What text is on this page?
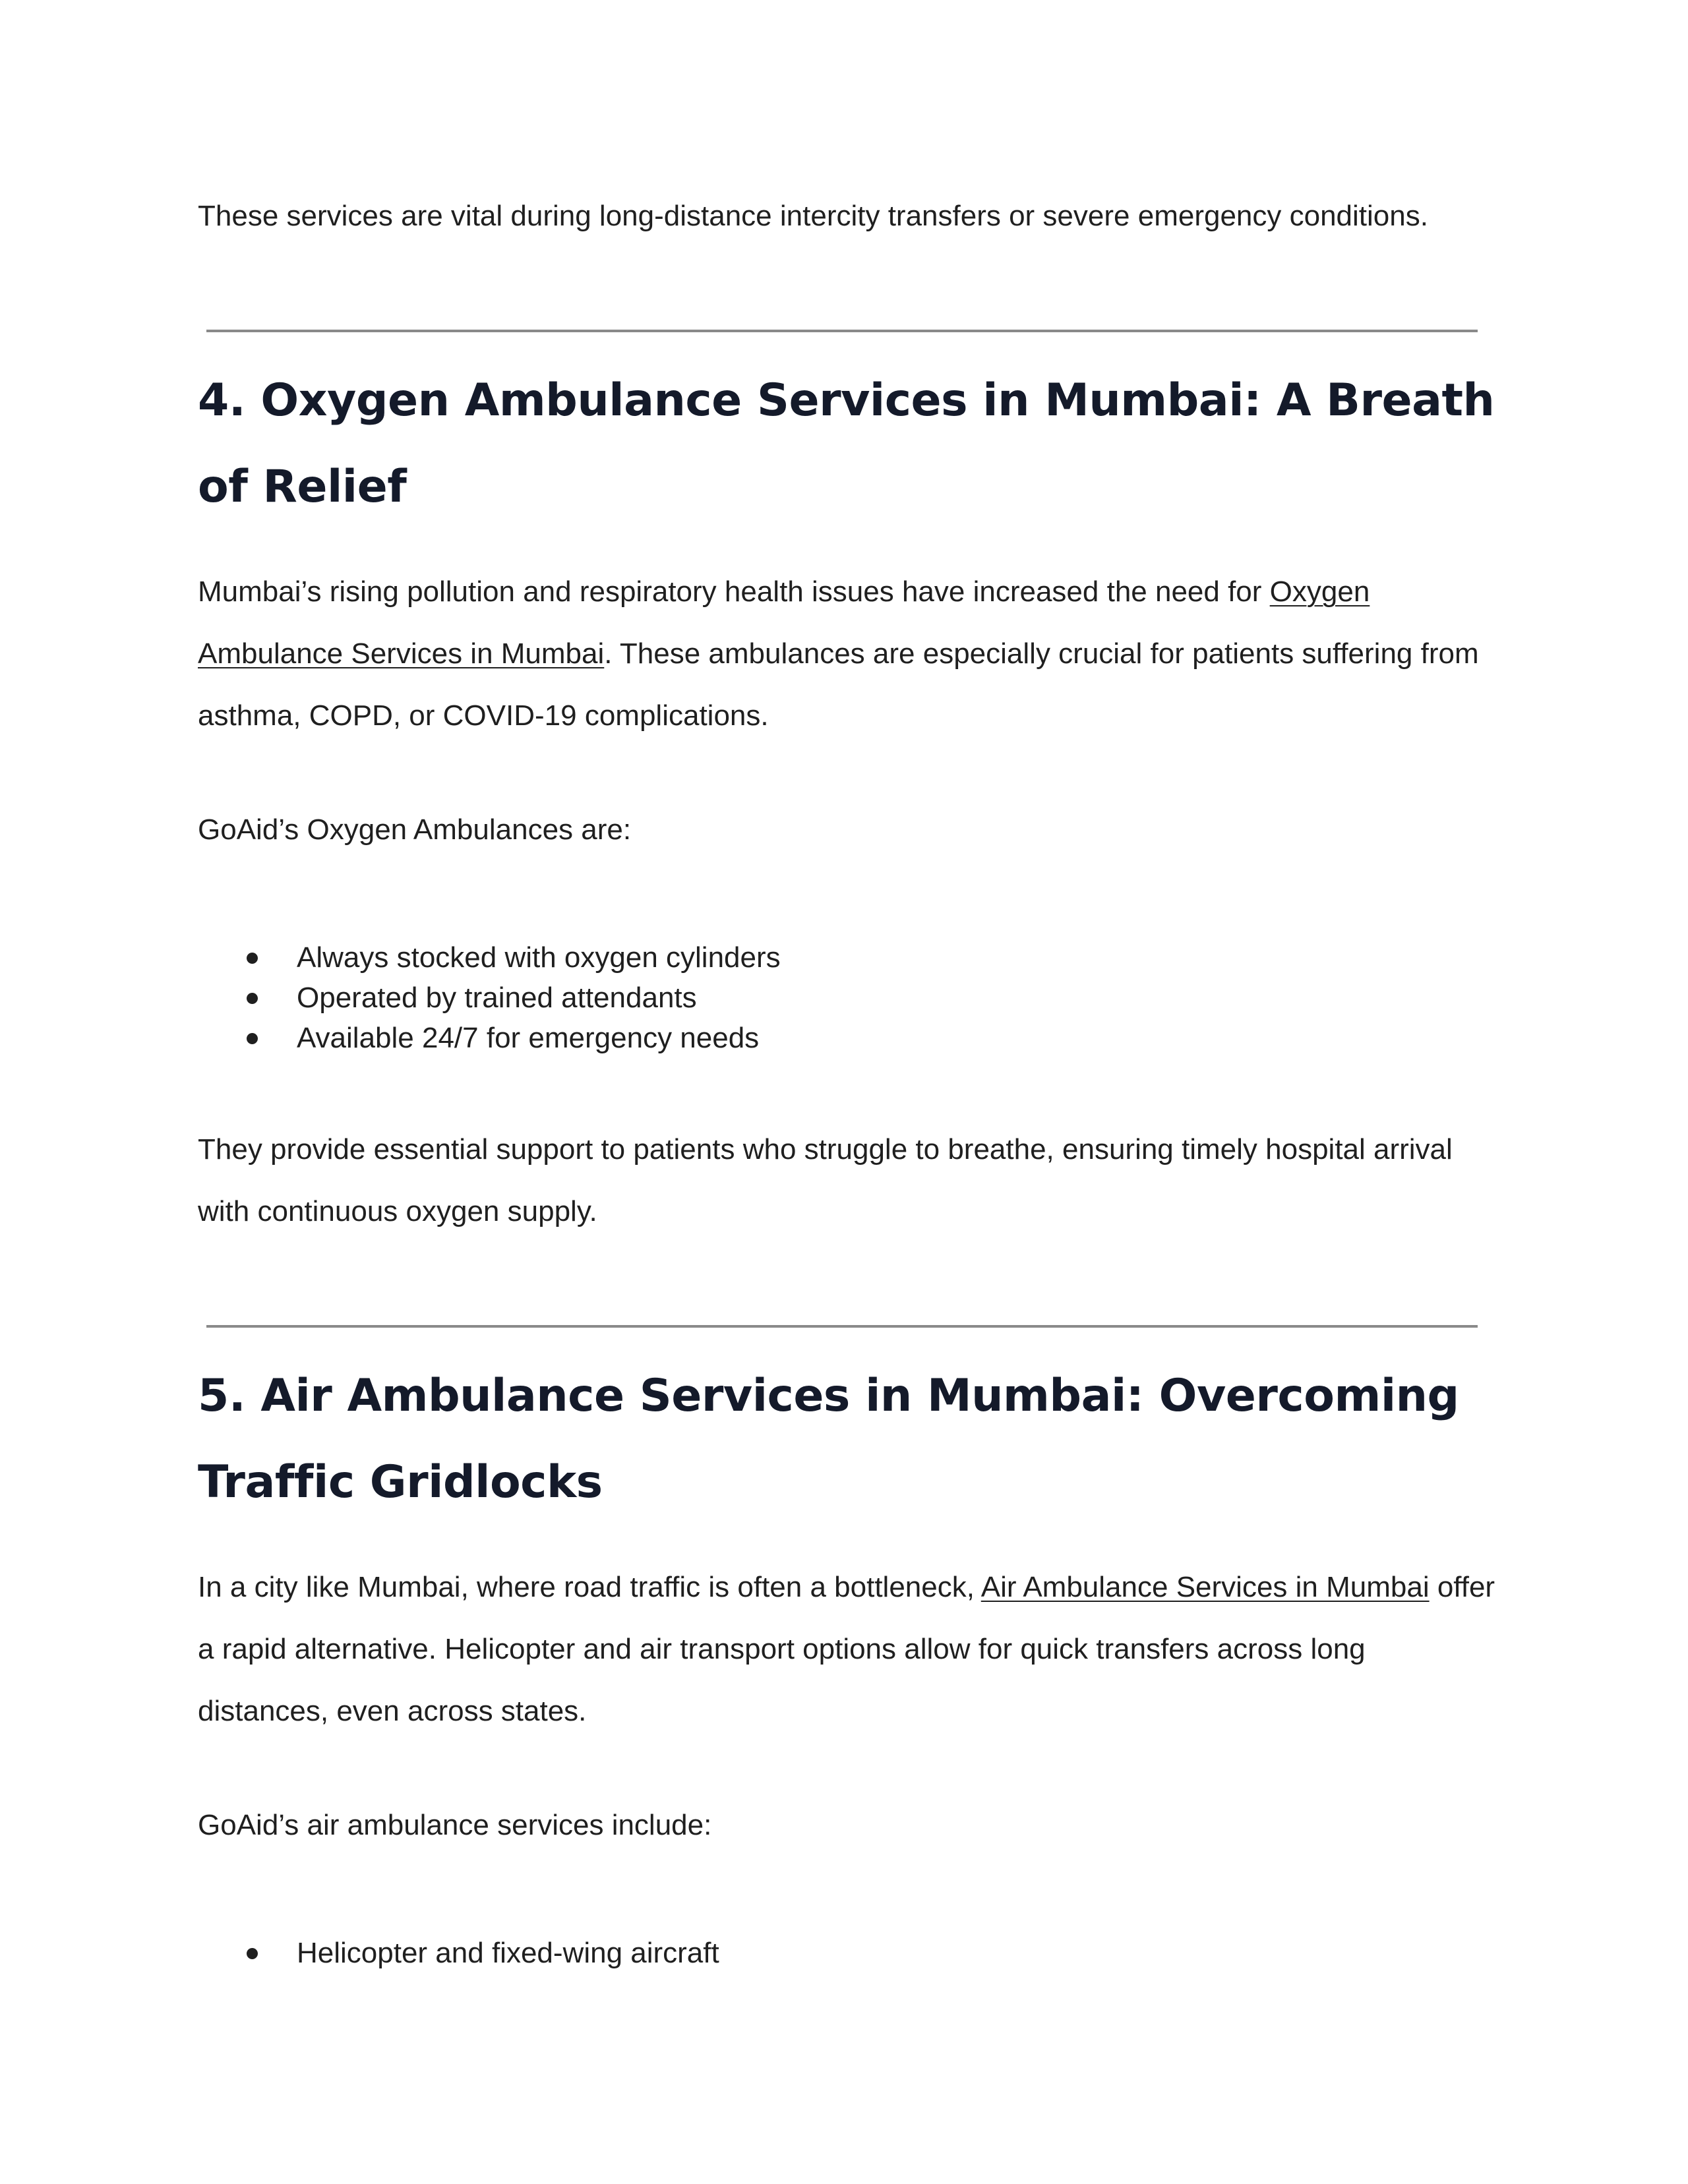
These services are vital during long-distance intercity transfers or severe emergency conditions.

4. Oxygen Ambulance Services in Mumbai: A Breath of Relief

Mumbai’s rising pollution and respiratory health issues have increased the need for Oxygen Ambulance Services in Mumbai. These ambulances are especially crucial for patients suffering from asthma, COPD, or COVID-19 complications.

GoAid’s Oxygen Ambulances are:

Always stocked with oxygen cylinders
Operated by trained attendants
Available 24/7 for emergency needs

They provide essential support to patients who struggle to breathe, ensuring timely hospital arrival with continuous oxygen supply.

5. Air Ambulance Services in Mumbai: Overcoming Traffic Gridlocks

In a city like Mumbai, where road traffic is often a bottleneck, Air Ambulance Services in Mumbai offer a rapid alternative. Helicopter and air transport options allow for quick transfers across long distances, even across states.

GoAid’s air ambulance services include:

Helicopter and fixed-wing aircraft
